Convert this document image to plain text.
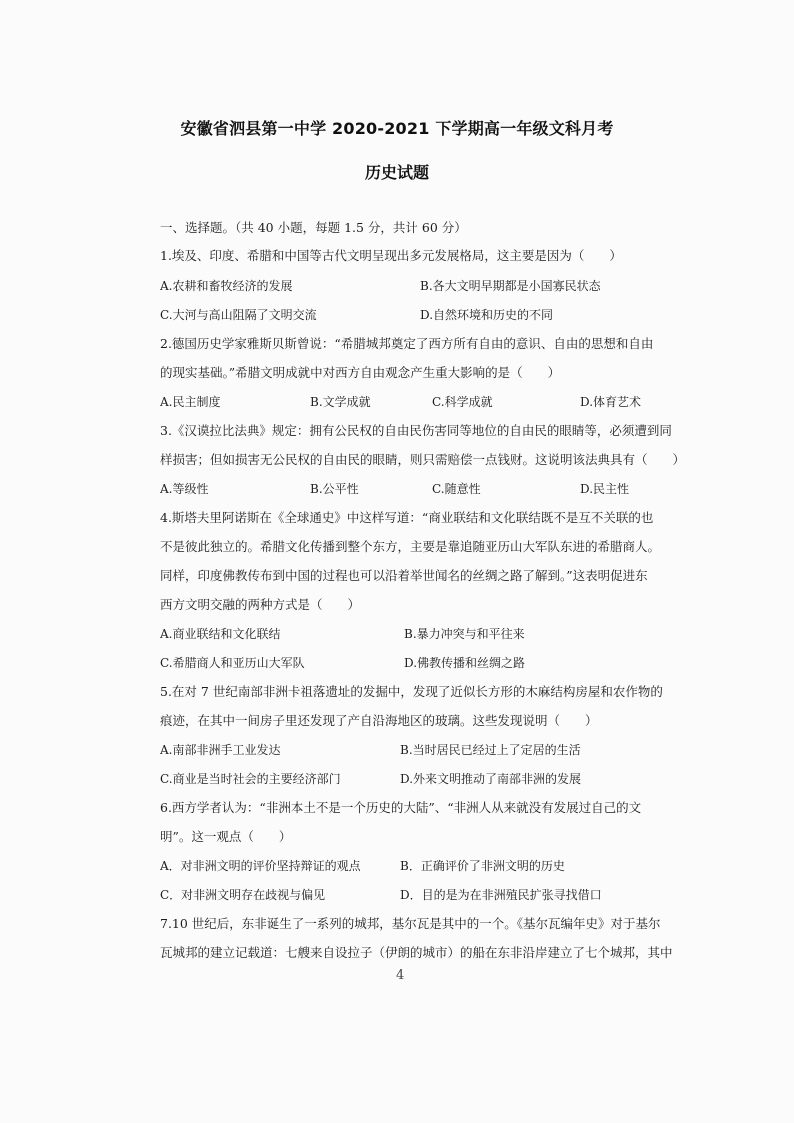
安徽省泗县第一中学 2020-2021 下学期高一年级文科月考
历史试题
一、选择题。（共 40 小题，每题 1.5 分，共计 60 分）
1.埃及、印度、希腊和中国等古代文明呈现出多元发展格局，这主要是因为（　　）
A.农耕和畜牧经济的发展	B.各大文明早期都是小国寡民状态
C.大河与高山阻隔了文明交流	D.自然环境和历史的不同
2.德国历史学家雅斯贝斯曾说：“希腊城邦奠定了西方所有自由的意识、自由的思想和自由
的现实基础。”希腊文明成就中对西方自由观念产生重大影响的是（　　）
A.民主制度	B.文学成就	C.科学成就	D.体育艺术
3.《汉谟拉比法典》规定：拥有公民权的自由民伤害同等地位的自由民的眼睛等，必须遭到同
样损害；但如损害无公民权的自由民的眼睛，则只需赔偿一点钱财。这说明该法典具有（　　）
A.等级性	B.公平性	C.随意性	D.民主性
4.斯塔夫里阿诺斯在《全球通史》中这样写道：“商业联结和文化联结既不是互不关联的也
不是彼此独立的。希腊文化传播到整个东方，主要是靠追随亚历山大军队东进的希腊商人。
同样，印度佛教传布到中国的过程也可以沿着举世闻名的丝绸之路了解到。”这表明促进东
西方文明交融的两种方式是（　　）
A.商业联结和文化联结	B.暴力冲突与和平往来
C.希腊商人和亚历山大军队	D.佛教传播和丝绸之路
5.在对 7 世纪南部非洲卡祖落遗址的发掘中，发现了近似长方形的木麻结构房屋和农作物的
痕迹，在其中一间房子里还发现了产自沿海地区的玻璃。这些发现说明（　　）
A.南部非洲手工业发达	B.当时居民已经过上了定居的生活
C.商业是当时社会的主要经济部门	D.外来文明推动了南部非洲的发展
6.西方学者认为：“非洲本土不是一个历史的大陆”、“非洲人从来就没有发展过自己的文
明”。这一观点（　　）
A．对非洲文明的评价坚持辩证的观点	B．正确评价了非洲文明的历史
C．对非洲文明存在歧视与偏见	D．目的是为在非洲殖民扩张寻找借口
7.10 世纪后，东非诞生了一系列的城邦，基尔瓦是其中的一个。《基尔瓦编年史》对于基尔
瓦城邦的建立记载道：七艘来自设拉子（伊朗的城市）的船在东非沿岸建立了七个城邦，其中
4
